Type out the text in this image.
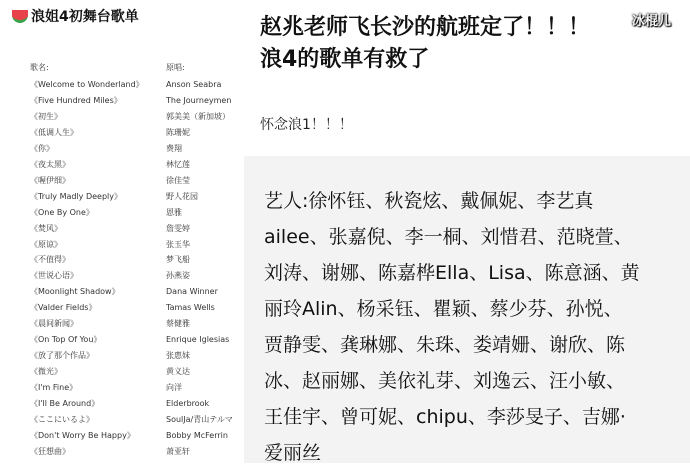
浪姐4初舞台歌单
歌名:	原唱:
《Welcome to Wonderland》	Anson Seabra
《Five Hundred Miles》	The Journeymen
《初生》	郭美美（新加坡）
《低调人生》	陈珊妮
《你》	费翔
《夜太黑》	林忆莲
《喔伊细》	徐佳莹
《Truly Madly Deeply》	野人花园
《One By One》	恩雅
《焚风》	詹雯婷
《原谅》	张玉华
《不值得》	梦飞船
《世说心语》	孙燕姿
《Moonlight Shadow》	Dana Winner
《Valder Fields》	Tamas Wells
《晨间新闻》	蔡健雅
《On Top Of You》	Enrique Iglesias
《放了那个作品》	张惠妹
《微光》	黄义达
《I'm Fine》	向洋
《I'll Be Around》	Elderbrook
《ここにいるよ》	SoulJa/青山テルマ
《Don't Worry Be Happy》	Bobby McFerrin
《狂想曲》	萧亚轩
赵兆老师飞长沙的航班定了！！！
浪4的歌单有救了
怀念浪1！！！
艺人:徐怀钰、秋瓷炫、戴佩妮、李艺真
ailee、张嘉倪、李一桐、刘惜君、范晓萱、
刘涛、谢娜、陈嘉桦Ella、Lisa、陈意涵、黄
丽玲Alin、杨采钰、瞿颖、蔡少芬、孙悦、
贾静雯、龚琳娜、朱珠、娄靖姗、谢欣、陈
冰、赵丽娜、美依礼芽、刘逸云、汪小敏、
王佳宇、曾可妮、chipu、李莎旻子、吉娜·
爱丽丝
冰棍儿
